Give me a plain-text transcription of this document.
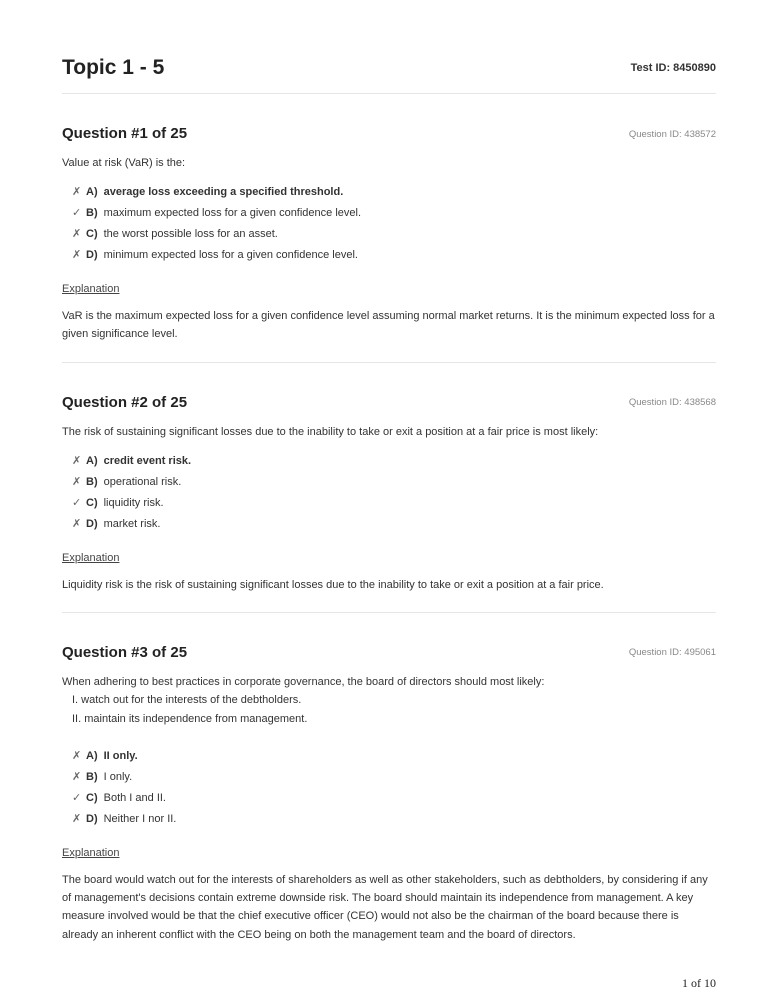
Topic 1 - 5	Test ID: 8450890
Question #1 of 25	Question ID: 438572
Value at risk (VaR) is the:
✗ A) average loss exceeding a specified threshold.
✓ B) maximum expected loss for a given confidence level.
✗ C) the worst possible loss for an asset.
✗ D) minimum expected loss for a given confidence level.
Explanation
VaR is the maximum expected loss for a given confidence level assuming normal market returns. It is the minimum expected loss for a given significance level.
Question #2 of 25	Question ID: 438568
The risk of sustaining significant losses due to the inability to take or exit a position at a fair price is most likely:
✗ A) credit event risk.
✗ B) operational risk.
✓ C) liquidity risk.
✗ D) market risk.
Explanation
Liquidity risk is the risk of sustaining significant losses due to the inability to take or exit a position at a fair price.
Question #3 of 25	Question ID: 495061
When adhering to best practices in corporate governance, the board of directors should most likely:
I. watch out for the interests of the debtholders.
II. maintain its independence from management.
✗ A) II only.
✗ B) I only.
✓ C) Both I and II.
✗ D) Neither I nor II.
Explanation
The board would watch out for the interests of shareholders as well as other stakeholders, such as debtholders, by considering if any of management's decisions contain extreme downside risk. The board should maintain its independence from management. A key measure involved would be that the chief executive officer (CEO) would not also be the chairman of the board because there is already an inherent conflict with the CEO being on both the management team and the board of directors.
1 of 10
